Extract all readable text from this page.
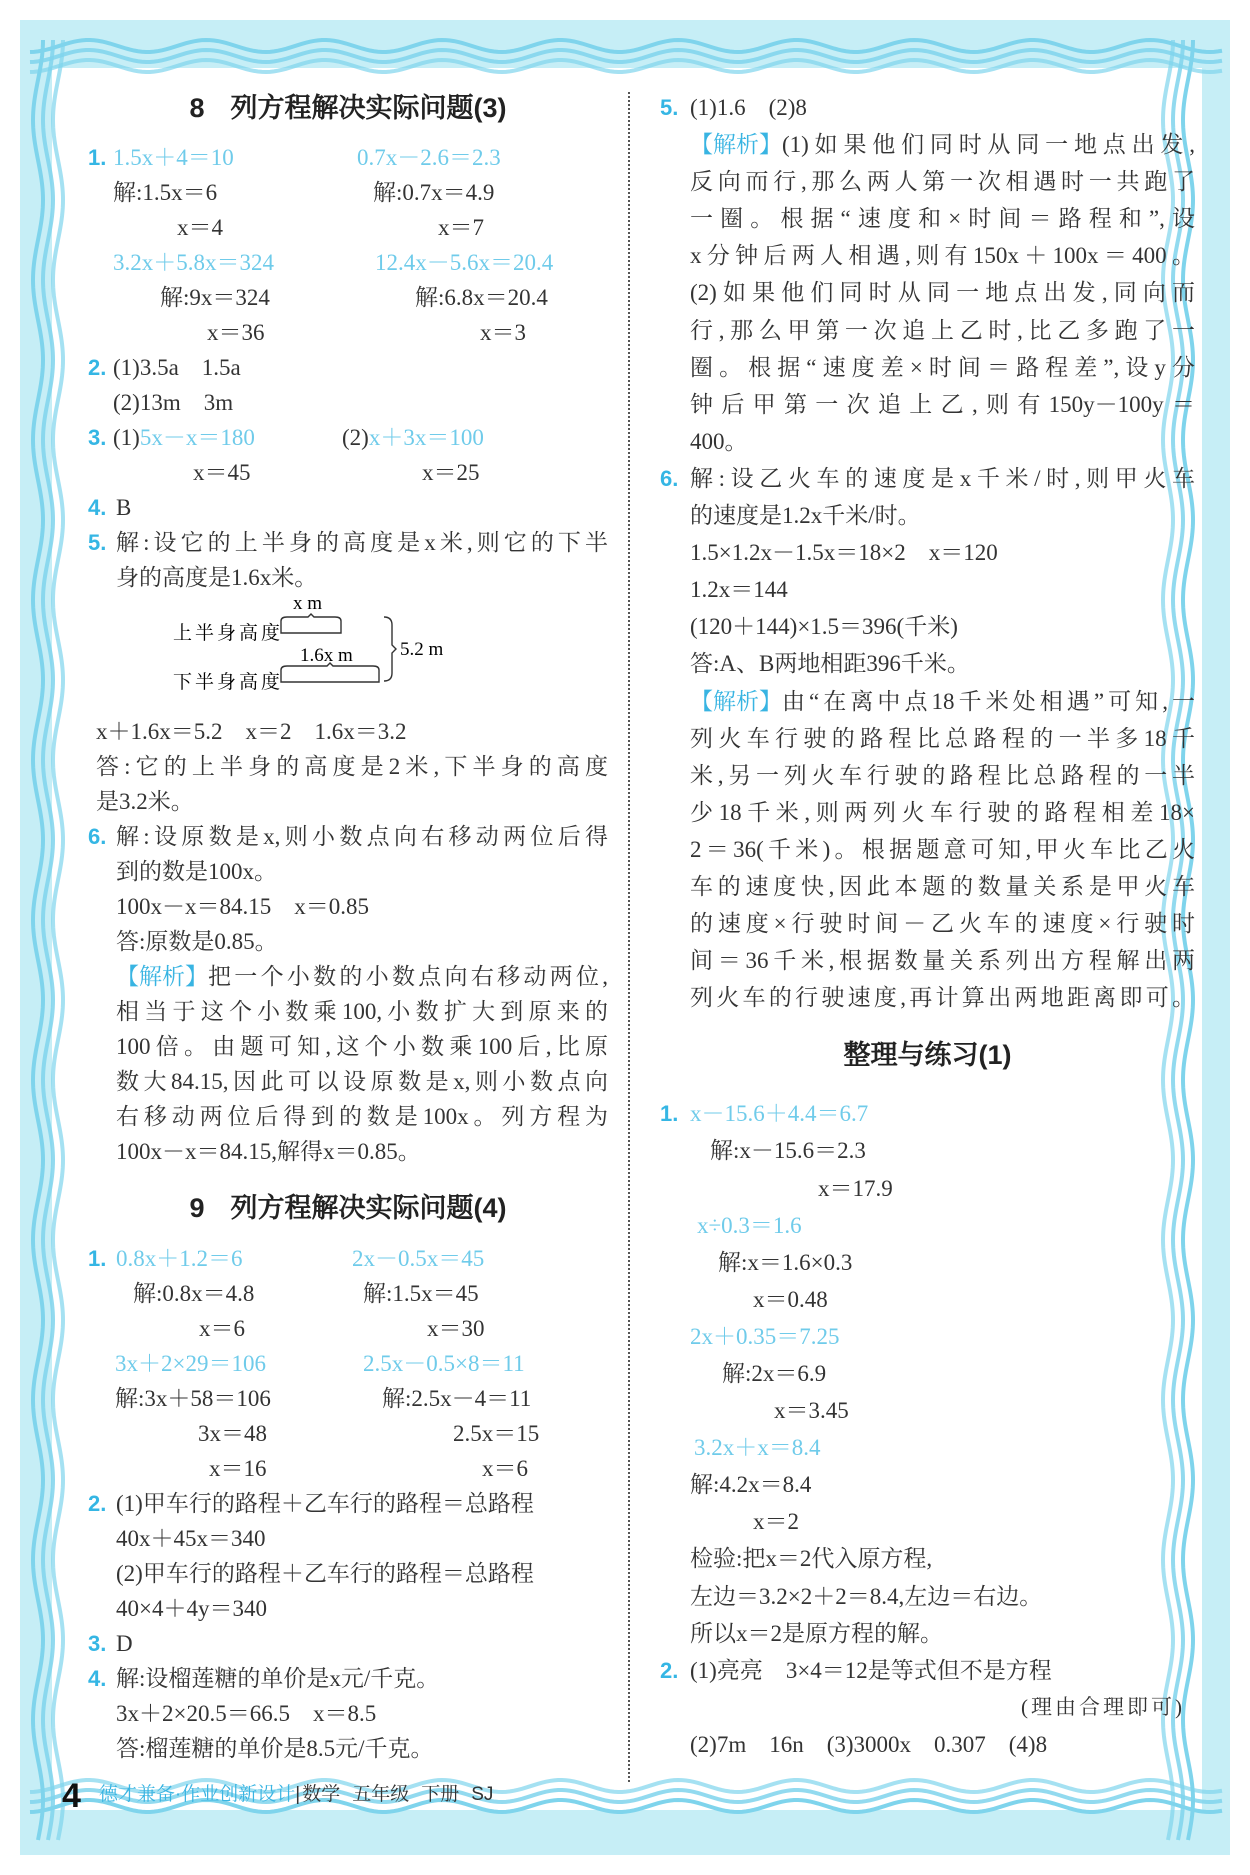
1. 1.5x＋4＝10	0.7x－2.6＝2.3
解:1.5x＝6	解:0.7x＝4.9
x＝4	x＝7
3.2x＋5.8x＝324	12.4x－5.6x＝20.4
解:9x＝324	解:6.8x＝20.4
x＝36	x＝3
2. (1)3.5a　1.5a
(2)13m　3m
3. (1)5x－x＝180	(2)x＋3x＝100
x＝45	x＝25
4. B
5. 解:设它的上半身的高度是x米,则它的下半
身的高度是1.6x米。
x m
上半身高度
1.6x m
下半身高度
5.2 m
x＋1.6x＝5.2　x＝2　1.6x＝3.2
答:它的上半身的高度是2米,下半身的高度
是3.2米。
6. 解:设原数是x,则小数点向右移动两位后得
到的数是100x。
100x－x＝84.15　x＝0.85
答:原数是0.85。
【解析】 把一个小数的小数点向右移动两位,
相当于这个小数乘100,小数扩大到原来的
100倍。由题可知,这个小数乘100后,比原
数大84.15,因此可以设原数是x,则小数点向
右移动两位后得到的数是100x。列方程为
100x－x＝84.15,解得x＝0.85。
9 列方程解决实际问题(4)
1. 0.8x＋1.2＝6	2x－0.5x＝45
解:0.8x＝4.8	解:1.5x＝45
x＝6	x＝30
3x＋2×29＝106	2.5x－0.5×8＝11
解:3x＋58＝106	解:2.5x－4＝11
3x＝48	2.5x＝15
x＝16	x＝6
2. (1)甲车行的路程＋乙车行的路程＝总路程
40x＋45x＝340
(2)甲车行的路程＋乙车行的路程＝总路程
40×4＋4y＝340
3. D
4. 解:设榴莲糖的单价是x元/千克。
3x＋2×20.5＝66.5　x＝8.5
答:榴莲糖的单价是8.5元/千克。
8 列方程解决实际问题(3)	5. (1)1.6　(2)8
【解析】 (1)如果他们同时从同一地点出发,
反向而行,那么两人第一次相遇时一共跑了
一圈。根据“速度和×时间＝路程和”,设
x分钟后两人相遇,则有150x＋100x＝400。
(2)如果他们同时从同一地点出发,同向而
行,那么甲第一次追上乙时,比乙多跑了一
圈。根据“速度差×时间＝路程差”,设y分
钟后甲第一次追上乙,则有150y－100y＝
400。
6. 解:设乙火车的速度是x千米/时,则甲火车
的速度是1.2x千米/时。
1.5×1.2x－1.5x＝18×2　x＝120
1.2x＝144
(120＋144)×1.5＝396(千米)
答:A、B两地相距396千米。
【解析】 由“在离中点18千米处相遇”可知,一
列火车行驶的路程比总路程的一半多18千
米,另一列火车行驶的路程比总路程的一半
少18千米,则两列火车行驶的路程相差18×
2＝36(千米)。根据题意可知,甲火车比乙火
车的速度快,因此本题的数量关系是甲火车
的速度×行驶时间－乙火车的速度×行驶时
间＝36千米,根据数量关系列出方程解出两
列火车的行驶速度,再计算出两地距离即可。
整理与练习(1)
1. x－15.6＋4.4＝6.7
解:x－15.6＝2.3
x＝17.9
x÷0.3＝1.6
解:x＝1.6×0.3
x＝0.48
2x＋0.35＝7.25
解:2x＝6.9
x＝3.45
3.2x＋x＝8.4
解:4.2x＝8.4
x＝2
检验:把x＝2代入原方程,
左边＝3.2×2＋2＝8.4,左边＝右边。
所以x＝2是原方程的解。
2. (1)亮亮　3×4＝12是等式但不是方程
(理由合理即可)
(2)7m　16n　(3)3000x　0.307　(4)8
4 德才兼备·作业创新设计| 数学 五年级 下册 SJ
